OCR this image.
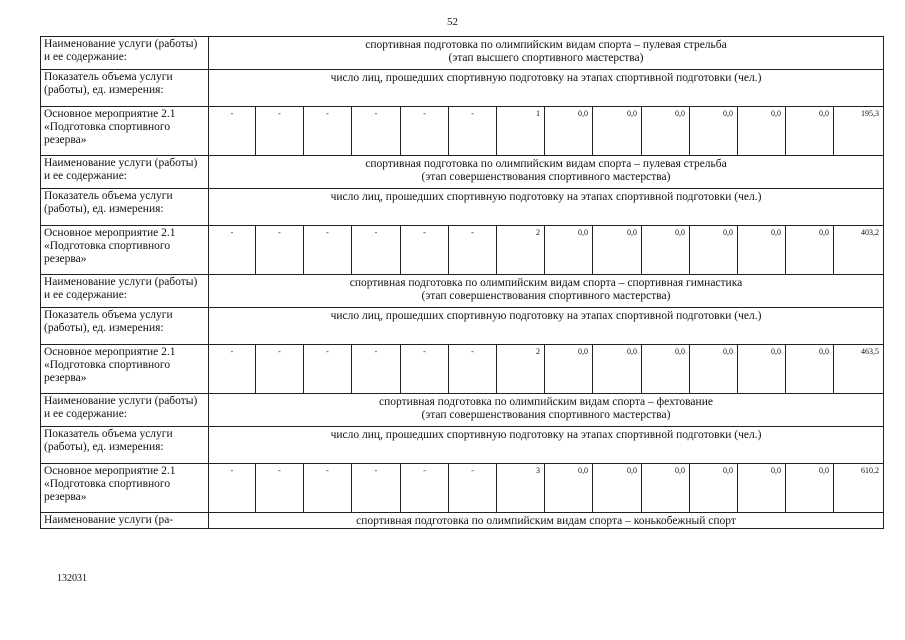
52
Наименование услуги (работы) и ее содержание:	спортивная подготовка по олимпийским видам спорта – пулевая стрельба
(этап высшего спортивного мастерства)													

Показатель объема услуги (работы), ед. измерения:	число лиц, прошедших спортивную подготовку на этапах спортивной подготовки (чел.)													
Основное мероприятие 2.1 «Подготовка спортивного резерва»	-	-	-	-	-	-	1	0,0	0,0	0,0	0,0	0,0	0,0	195,3
Наименование услуги (работы) и ее содержание:	спортивная подготовка по олимпийским видам спорта – пулевая стрельба
(этап совершенствования спортивного мастерства)													

Показатель объема услуги (работы), ед. измерения:	число лиц, прошедших спортивную подготовку на этапах спортивной подготовки (чел.)													
Основное мероприятие 2.1 «Подготовка спортивного резерва»	-	-	-	-	-	-	2	0,0	0,0	0,0	0,0	0,0	0,0	403,2
Наименование услуги (работы) и ее содержание:	спортивная подготовка по олимпийским видам спорта – спортивная гимнастика
(этап совершенствования спортивного мастерства)													

Показатель объема услуги (работы), ед. измерения:	число лиц, прошедших спортивную подготовку на этапах спортивной подготовки (чел.)													
Основное мероприятие 2.1 «Подготовка спортивного резерва»	-	-	-	-	-	-	2	0,0	0,0	0,0	0,0	0,0	0,0	463,5
Наименование услуги (работы) и ее содержание:	спортивная подготовка по олимпийским видам спорта – фехтование
(этап совершенствования спортивного мастерства)													

Показатель объема услуги (работы), ед. измерения:	число лиц, прошедших спортивную подготовку на этапах спортивной подготовки (чел.)													
Основное мероприятие 2.1 «Подготовка спортивного резерва»	-	-	-	-	-	-	3	0,0	0,0	0,0	0,0	0,0	0,0	610,2
Наименование услуги (ра-	спортивная подготовка по олимпийским видам спорта – конькобежный спорт													
132031
